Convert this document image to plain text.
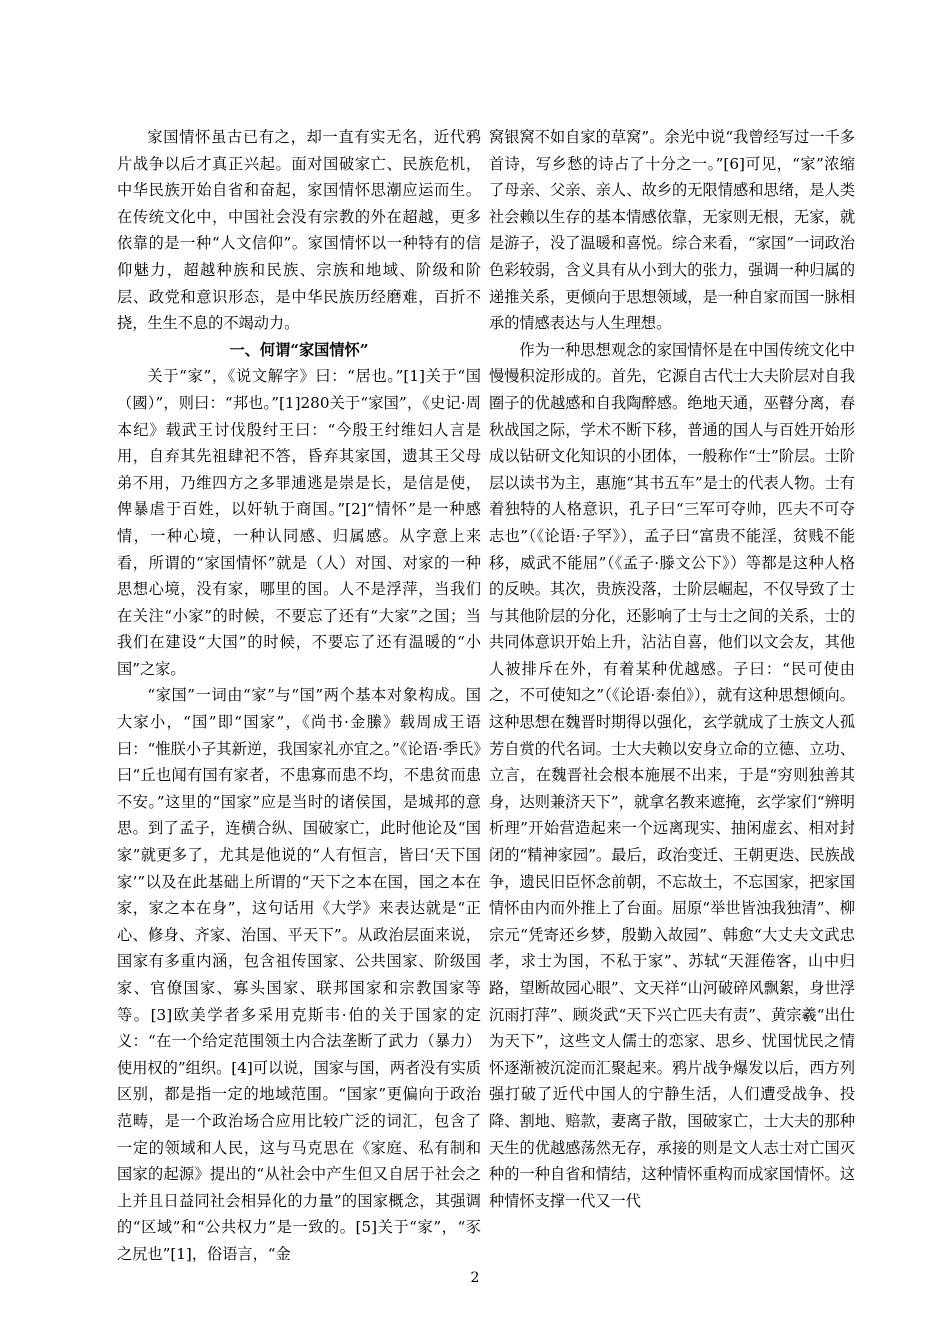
家国情怀虽古已有之，却一直有实无名，近代鸦片战争以后才真正兴起。面对国破家亡、民族危机，中华民族开始自省和奋起，家国情怀思潮应运而生。在传统文化中，中国社会没有宗教的外在超越，更多依靠的是一种“人文信仰”。家国情怀以一种特有的信仰魅力，超越种族和民族、宗族和地域、阶级和阶层、政党和意识形态，是中华民族历经磨难，百折不挠，生生不息的不竭动力。

一、何谓“家国情怀”

关于“家”，《说文解字》曰：“居也。”[1]关于“国（國）”，则曰：“邦也。”[1]280关于“家国”，《史记·周本纪》载武王讨伐殷纣王曰：“今殷王纣维妇人言是用，自弃其先祖肆祀不答，昏弃其家国，遗其王父母弟不用，乃维四方之多罪逋逃是崇是长，是信是使，俾暴虐于百姓，以奸轨于商国。”[2]“情怀”是一种感情，一种心境，一种认同感、归属感。从字意上来看，所谓的“家国情怀”就是（人）对国、对家的一种思想心境，没有家，哪里的国。人不是浮萍，当我们在关注“小家”的时候，不要忘了还有“大家”之国；当我们在建设“大国”的时候，不要忘了还有温暖的“小国”之家。

“家国”一词由“家”与“国”两个基本对象构成。国大家小，“国”即“国家”，《尚书·金縢》载周成王语曰：“惟朕小子其新逆，我国家礼亦宜之。”《论语·季氏》曰“丘也闻有国有家者，不患寡而患不均，不患贫而患不安。”这里的“国家”应是当时的诸侯国，是城邦的意思。到了孟子，连横合纵、国破家亡，此时他论及“国家”就更多了，尤其是他说的“人有恒言，皆曰‘天下国家’”以及在此基础上所谓的“天下之本在国，国之本在家，家之本在身”，这句话用《大学》来表达就是“正心、修身、齐家、治国、平天下”。从政治层面来说，国家有多重内涵，包含祖传国家、公共国家、阶级国家、官僚国家、寡头国家、联邦国家和宗教国家等等。[3]欧美学者多采用克斯韦·伯的关于国家的定义：“在一个给定范围领土内合法垄断了武力（暴力）使用权的”组织。[4]可以说，国家与国，两者没有实质区别，都是指一定的地域范围。“国家”更偏向于政治范畴，是一个政治场合应用比较广泛的词汇，包含了一定的领域和人民，这与马克思在《家庭、私有制和国家的起源》提出的“从社会中产生但又自居于社会之上并且日益同社会相异化的力量”的国家概念，其强调的“区域”和“公共权力”是一致的。[5]关于“家”，“豕之尻也”[1]，俗语言，“金

窝银窝不如自家的草窝”。余光中说“我曾经写过一千多首诗，写乡愁的诗占了十分之一。”[6]可见，“家”浓缩了母亲、父亲、亲人、故乡的无限情感和思绪，是人类社会赖以生存的基本情感依靠，无家则无根，无家，就是游子，没了温暖和喜悦。综合来看，“家国”一词政治色彩较弱，含义具有从小到大的张力，强调一种归属的递推关系，更倾向于思想领域，是一种自家而国一脉相承的情感表达与人生理想。

作为一种思想观念的家国情怀是在中国传统文化中慢慢积淀形成的。首先，它源自古代士大夫阶层对自我圈子的优越感和自我陶醉感。绝地天通，巫瞽分离，春秋战国之际，学术不断下移，普通的国人与百姓开始形成以钻研文化知识的小团体，一般称作“士”阶层。士阶层以读书为主，惠施“其书五车”是士的代表人物。士有着独特的人格意识，孔子曰“三军可夺帅，匹夫不可夺志也”（《论语·子罕》），孟子曰“富贵不能淫，贫贱不能移，威武不能屈”（《孟子·滕文公下》）等都是这种人格的反映。其次，贵族没落，士阶层崛起，不仅导致了士与其他阶层的分化，还影响了士与士之间的关系，士的共同体意识开始上升，沾沾自喜，他们以文会友，其他人被排斥在外，有着某种优越感。子曰：“民可使由之，不可使知之”（《论语·泰伯》），就有这种思想倾向。这种思想在魏晋时期得以强化，玄学就成了士族文人孤芳自赏的代名词。士大夫赖以安身立命的立德、立功、立言，在魏晋社会根本施展不出来，于是“穷则独善其身，达则兼济天下”，就拿名教来遮掩，玄学家们“辨明析理”开始营造起来一个远离现实、抽闲虚玄、相对封闭的“精神家园”。最后，政治变迁、王朝更迭、民族战争，遗民旧臣怀念前朝，不忘故土，不忘国家，把家国情怀由内而外推上了台面。屈原“举世皆浊我独清”、柳宗元“凭寄还乡梦，殷勤入故园”、韩愈“大丈夫文武忠孝，求士为国，不私于家”、苏轼“天涯倦客，山中归路，望断故园心眼”、文天祥“山河破碎风飘絮，身世浮沉雨打萍”、顾炎武“天下兴亡匹夫有责”、黄宗羲“出仕为天下”，这些文人儒士的恋家、思乡、忧国忧民之情怀逐渐被沉淀而汇聚起来。鸦片战争爆发以后，西方列强打破了近代中国人的宁静生活，人们遭受战争、投降、割地、赔款，妻离子散，国破家亡，士大夫的那种天生的优越感荡然无存，承接的则是文人志士对亡国灭种的一种自省和情结，这种情怀重构而成家国情怀。这种情怀支撑一代又一代

2
